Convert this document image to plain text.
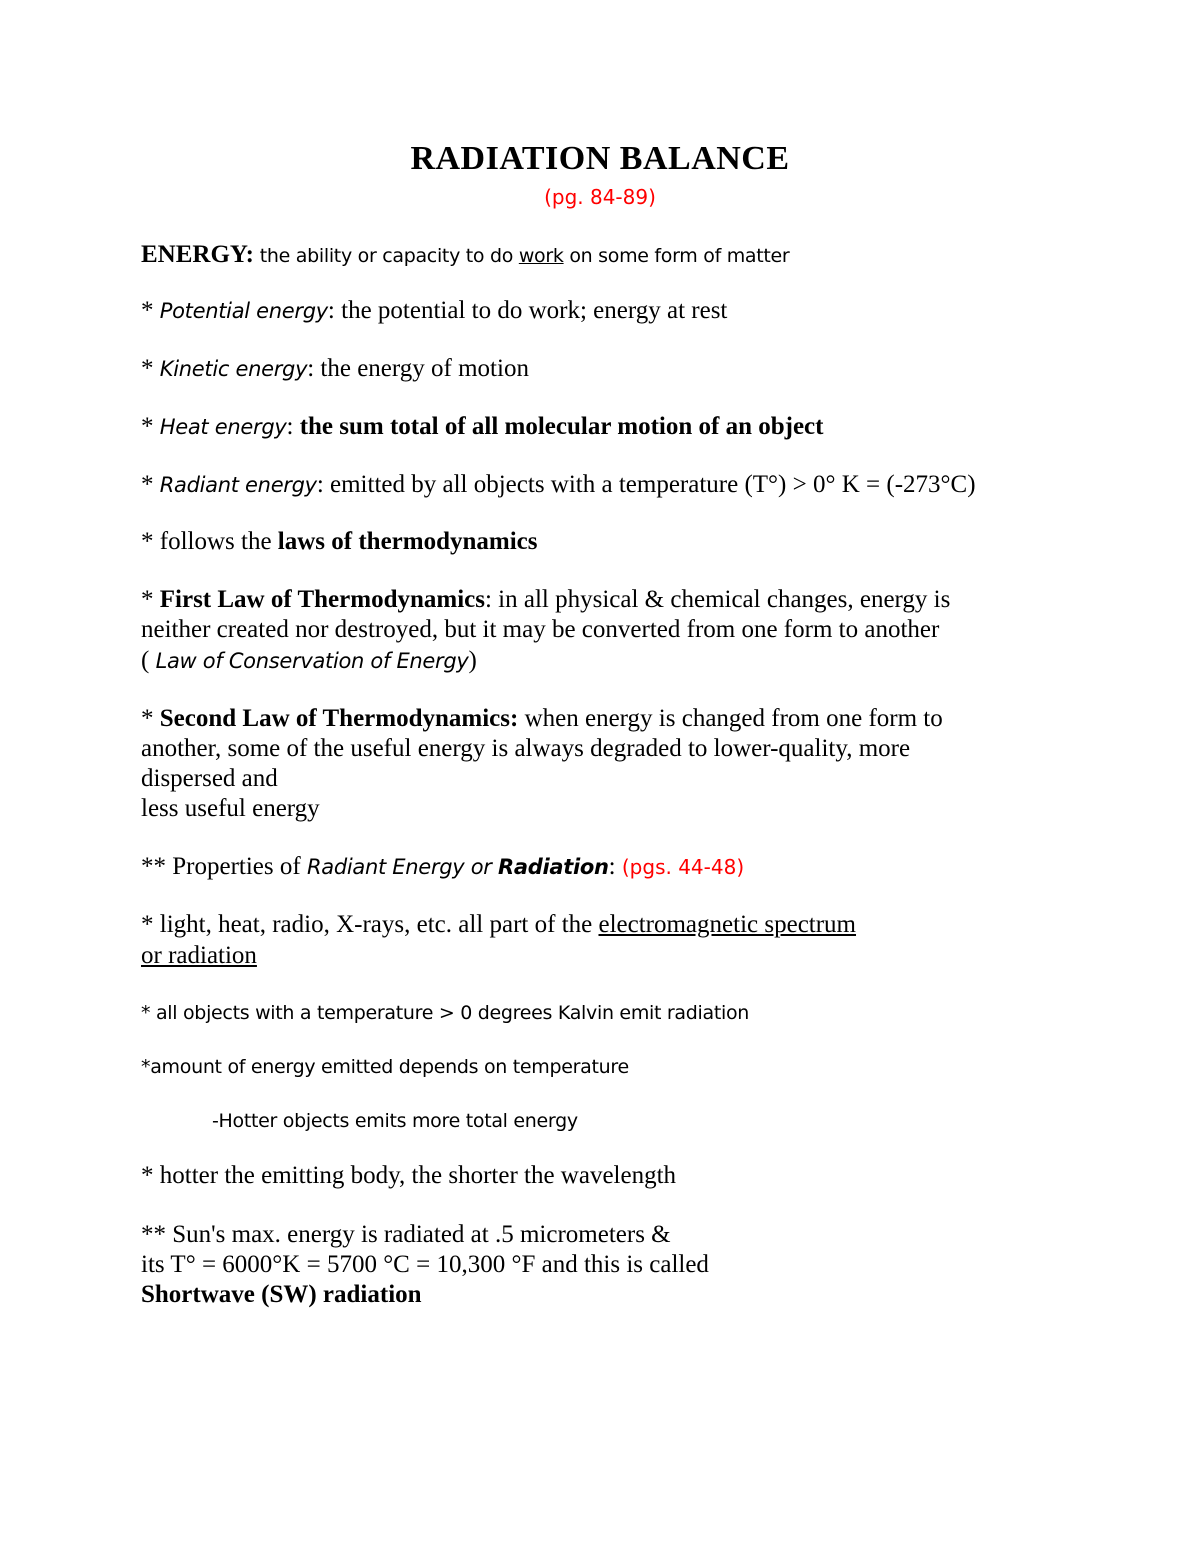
RADIATION BALANCE
(pg. 84-89)
ENERGY: the ability or capacity to do work on some form of matter
* Potential energy: the potential to do work; energy at rest
* Kinetic energy: the energy of motion
* Heat energy: the sum total of all molecular motion of an object
* Radiant energy: emitted by all objects with a temperature (T°) > 0° K = (-273°C)
* follows the laws of thermodynamics
* First Law of Thermodynamics: in all physical & chemical changes, energy is
neither created nor destroyed, but it may be converted from one form to another
( Law of Conservation of Energy)
* Second Law of Thermodynamics: when energy is changed from one form to
another, some of the useful energy is always degraded to lower-quality, more
dispersed and
less useful energy
** Properties of Radiant Energy or Radiation: (pgs. 44-48)
* light, heat, radio, X-rays, etc. all part of the electromagnetic spectrum
or radiation
* all objects with a temperature > 0 degrees Kalvin emit radiation
*amount of energy emitted depends on temperature
-Hotter objects emits more total energy
* hotter the emitting body, the shorter the wavelength
** Sun's max. energy is radiated at .5 micrometers &
its T° = 6000°K = 5700 °C = 10,300 °F and this is called
Shortwave (SW) radiation
